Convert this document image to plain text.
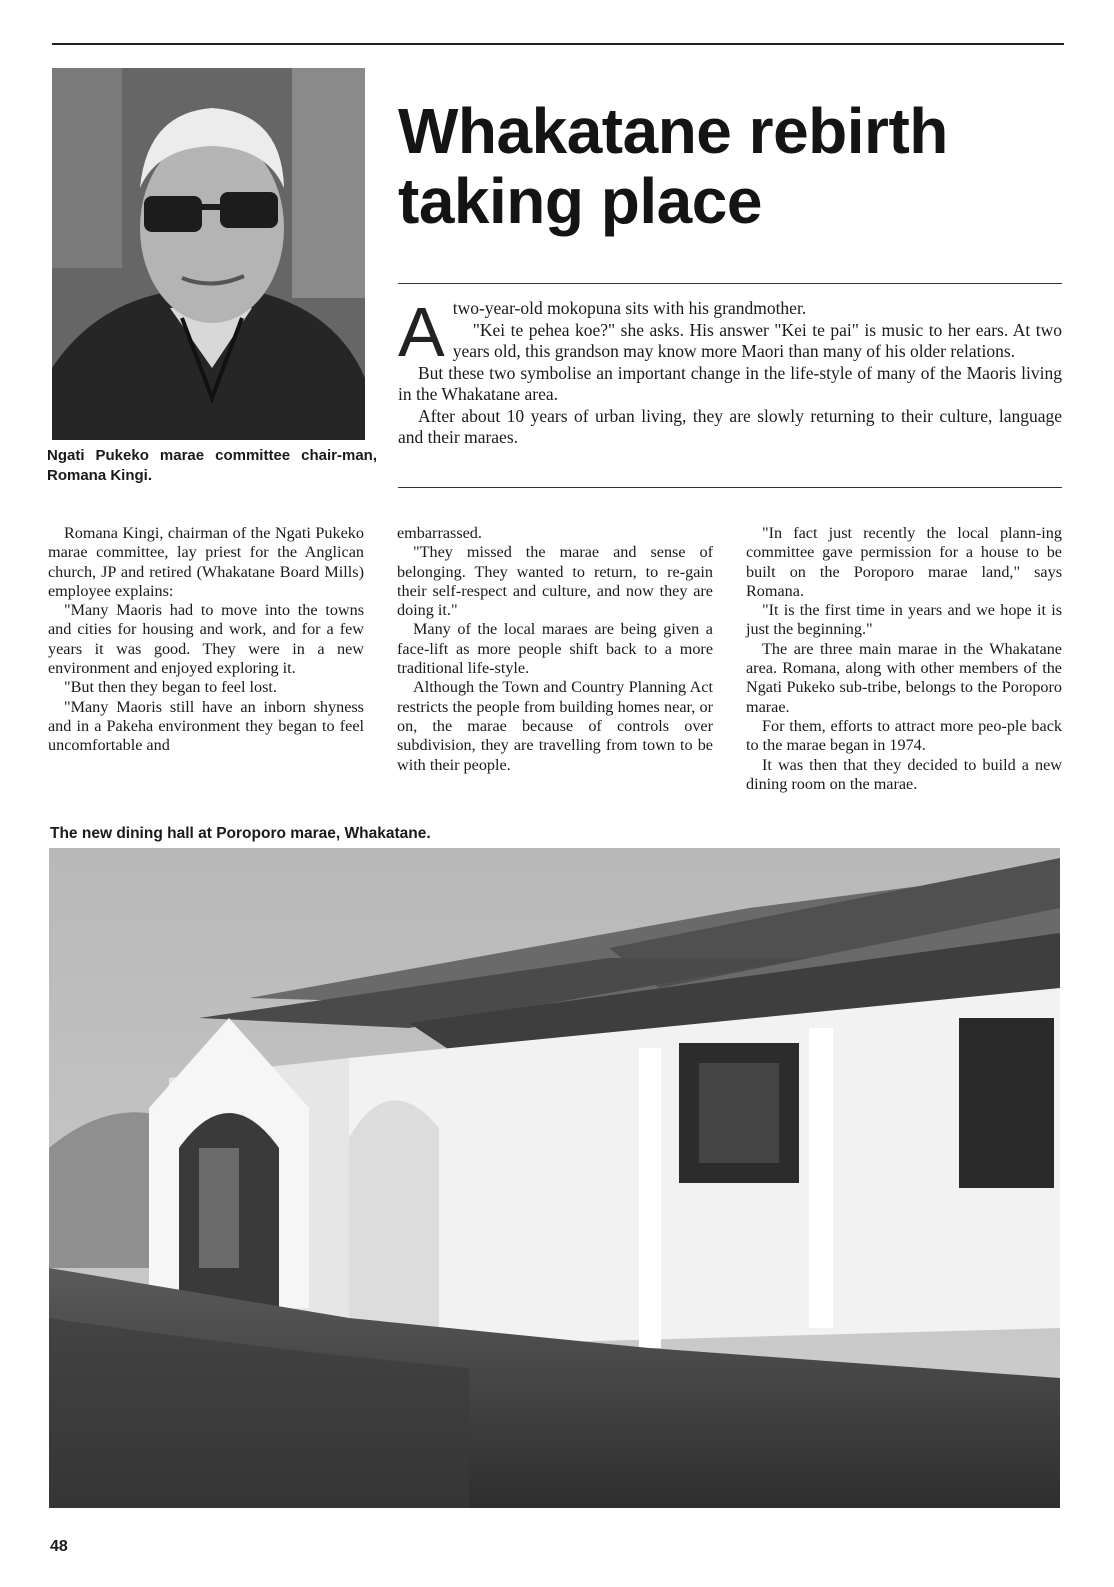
Ngati Pukeko marae committee chair-man, Romana Kingi.
Whakatane rebirth
taking place

Atwo-year-old mokopuna sits with his grandmother.

"Kei te pehea koe?" she asks. His answer "Kei te pai" is music to her ears. At two years old, this grandson may know more Maori than many of his older relations.

But these two symbolise an important change in the life-style of many of the Maoris living in the Whakatane area.

After about 10 years of urban living, they are slowly returning to their culture, language and their maraes.

Romana Kingi, chairman of the Ngati Pukeko marae committee, lay priest for the Anglican church, JP and retired (Whakatane Board Mills) employee explains:

"Many Maoris had to move into the towns and cities for housing and work, and for a few years it was good. They were in a new environment and enjoyed exploring it.

"But then they began to feel lost.

"Many Maoris still have an inborn shyness and in a Pakeha environment they began to feel uncomfortable and

embarrassed.

"They missed the marae and sense of belonging. They wanted to return, to re-gain their self-respect and culture, and now they are doing it."

Many of the local maraes are being given a face-lift as more people shift back to a more traditional life-style.

Although the Town and Country Planning Act restricts the people from building homes near, or on, the marae because of controls over subdivision, they are travelling from town to be with their people.

"In fact just recently the local plann-ing committee gave permission for a house to be built on the Poroporo marae land," says Romana.

"It is the first time in years and we hope it is just the beginning."

The are three main marae in the Whakatane area. Romana, along with other members of the Ngati Pukeko sub-tribe, belongs to the Poroporo marae.

For them, efforts to attract more peo-ple back to the marae began in 1974.

It was then that they decided to build a new dining room on the marae.

The new dining hall at Poroporo marae, Whakatane.
48
